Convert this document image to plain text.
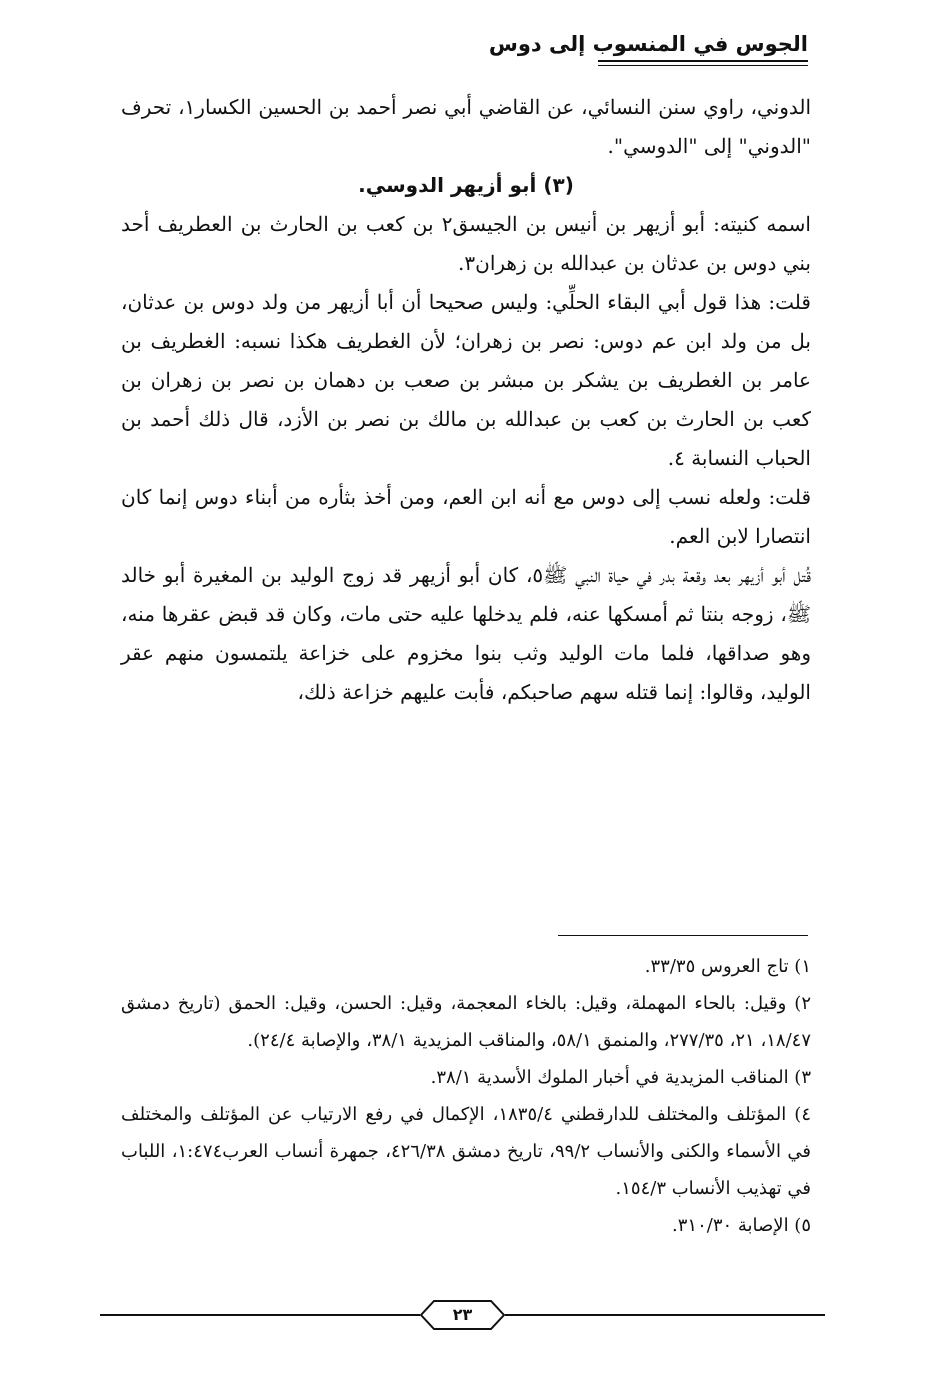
الجوس في المنسوب إلى دوس

الدوني، راوي سنن النسائي، عن القاضي أبي نصر أحمد بن الحسين الكسار١، تحرف "الدوني" إلى "الدوسي".

(٣) أبو أزيهر الدوسي.

اسمه كنيته: أبو أزيهر بن أنيس بن الجيسق٢ بن كعب بن الحارث بن العطريف أحد بني دوس بن عدثان بن عبدالله بن زهران٣.

قلت: هذا قول أبي البقاء الحلِّي: وليس صحيحا أن أبا أزيهر من ولد دوس بن عدثان، بل من ولد ابن عم دوس: نصر بن زهران؛ لأن الغطريف هكذا نسبه: الغطريف بن عامر بن الغطريف بن يشكر بن مبشر بن صعب بن دهمان بن نصر بن زهران بن كعب بن الحارث بن كعب بن عبدالله بن مالك بن نصر بن الأزد، قال ذلك أحمد بن الحباب النسابة ٤.

قلت: ولعله نسب إلى دوس مع أنه ابن العم، ومن أخذ بثأره من أبناء دوس إنما كان انتصارا لابن العم.

قُتل أبو أزيهر بعد وقعة بدر في حياة النبي ﷺ٥، كان أبو أزيهر قد زوج الوليد بن المغيرة أبو خالد ﷺ، زوجه بنتا ثم أمسكها عنه، فلم يدخلها عليه حتى مات، وكان قد قبض عقرها منه، وهو صداقها، فلما مات الوليد وثب بنوا مخزوم على خزاعة يلتمسون منهم عقر الوليد، وقالوا: إنما قتله سهم صاحبكم، فأبت عليهم خزاعة ذلك،

١) تاج العروس ٣٣/٣٥.

٢) وقيل: بالحاء المهملة، وقيل: بالخاء المعجمة، وقيل: الحسن، وقيل: الحمق (تاريخ دمشق ١٨/٤٧، ٢١، ٢٧٧/٣٥، والمنمق ٥٨/١، والمناقب المزيدية ٣٨/١، والإصابة ٢٤/٤).

٣) المناقب المزيدية في أخبار الملوك الأسدية ٣٨/١.

٤) المؤتلف والمختلف للدارقطني ١٨٣٥/٤، الإكمال في رفع الارتياب عن المؤتلف والمختلف في الأسماء والكنى والأنساب ٩٩/٢، تاريخ دمشق ٤٢٦/٣٨، جمهرة أنساب العرب١:٤٧٤، اللباب في تهذيب الأنساب ١٥٤/٣.

٥) الإصابة ٣١٠/٣٠.

٢٣
